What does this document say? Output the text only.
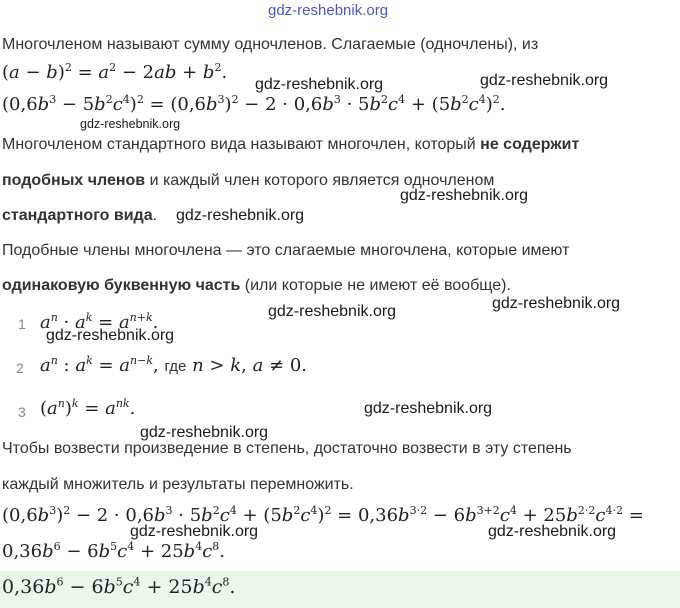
gdz-reshebnik.org
Многочленом называют сумму одночленов. Слагаемые (одночлены), из
$(a - b)^2 = a^2 - 2ab + b^2$.
gdz-reshebnik.org	gdz-reshebnik.org
$(0,6b^3 - 5b^2c^4)^2 = (0,6b^3)^2 - 2 \cdot 0,6b^3 \cdot 5b^2c^4 + (5b^2c^4)^2$.
gdz-reshebnik.org
Многочленом стандартного вида называют многочлен, который не содержит
подобных членов и каждый член которого является одночленом
gdz-reshebnik.org
стандартного вида. gdz-reshebnik.org
Подобные члены многочлена — это слагаемые многочлена, которые имеют
одинаковую буквенную часть (или которые не имеют её вообще).
gdz-reshebnik.org
1 $a^n \cdot a^k = a^{n+k}$.
gdz-reshebnik.org
gdz-reshebnik.org
2 $a^n$ : $a^k = a^{n-k}$, где n > k, a ≠ 0.
3 $(a^n)^k = a^{nk}$.	gdz-reshebnik.org
gdz-reshebnik.org
Чтобы возвести произведение в степень, достаточно возвести в эту степень
каждый множитель и результаты перемножить.
$(0,6b^3)^2 - 2 \cdot 0,6b^3 \cdot 5b^2c^4 + (5b^2c^4)^2 = 0,36b^{3\cdot 2} - 6b^{3+2}c^4 + 25b^{2\cdot 2}c^{4\cdot 2}$ =
gdz-reshebnik.org	gdz-reshebnik.org
$0,36b^6 - 6b^5c^4 + 25b^4c^8$.
$0,36b^6 - 6b^5c^4 + 25b^4c^8$.
